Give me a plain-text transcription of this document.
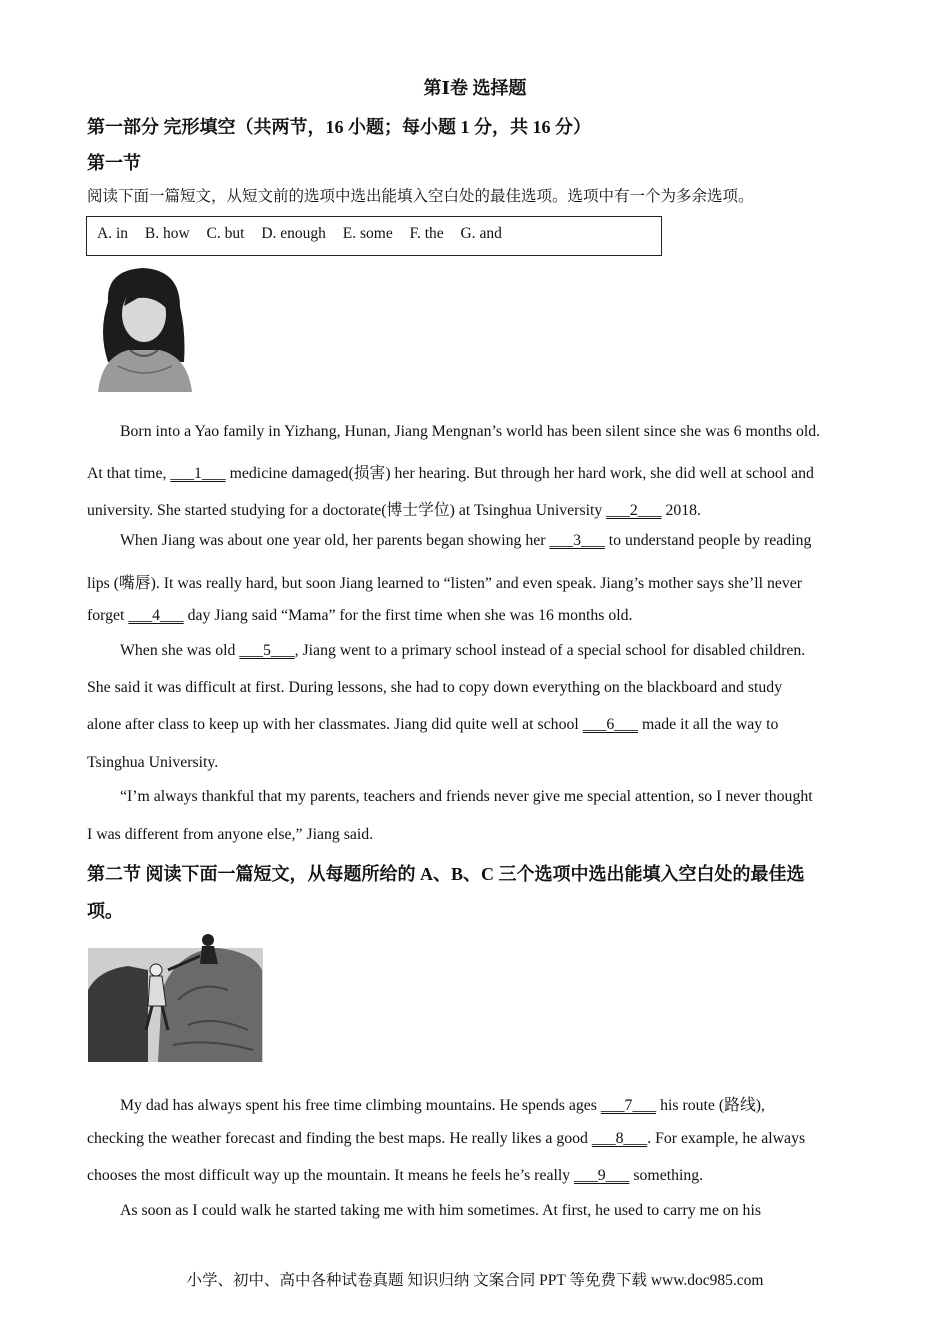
第Ⅰ卷 选择题
第一部分 完形填空（共两节，16 小题；每小题 1 分，共 16 分）
第一节
阅读下面一篇短文，从短文前的选项中选出能填入空白处的最佳选项。选项中有一个为多余选项。
A. in B. how C. but D. enough E. some F. the G. and
Born into a Yao family in Yizhang, Hunan, Jiang Mengnan’s world has been silent since she was 6 months old.
At that time, ___1___ medicine damaged(损害) her hearing. But through her hard work, she did well at school and
university. She started studying for a doctorate(博士学位) at Tsinghua University ___2___ 2018.
When Jiang was about one year old, her parents began showing her ___3___ to understand people by reading
lips (嘴唇). It was really hard, but soon Jiang learned to “listen” and even speak. Jiang’s mother says she’ll never
forget ___4___ day Jiang said “Mama” for the first time when she was 16 months old.
When she was old ___5___, Jiang went to a primary school instead of a special school for disabled children.
She said it was difficult at first. During lessons, she had to copy down everything on the blackboard and study
alone after class to keep up with her classmates. Jiang did quite well at school ___6___ made it all the way to
Tsinghua University.
“I’m always thankful that my parents, teachers and friends never give me special attention, so I never thought
I was different from anyone else,” Jiang said.
第二节 阅读下面一篇短文，从每题所给的 A、B、C 三个选项中选出能填入空白处的最佳选
项。
My dad has always spent his free time climbing mountains. He spends ages ___7___ his route (路线),
checking the weather forecast and finding the best maps. He really likes a good ___8___. For example, he always
chooses the most difficult way up the mountain. It means he feels he’s really ___9___ something.
As soon as I could walk he started taking me with him sometimes. At first, he used to carry me on his
小学、初中、高中各种试卷真题 知识归纳 文案合同 PPT 等免费下载 www.doc985.com
